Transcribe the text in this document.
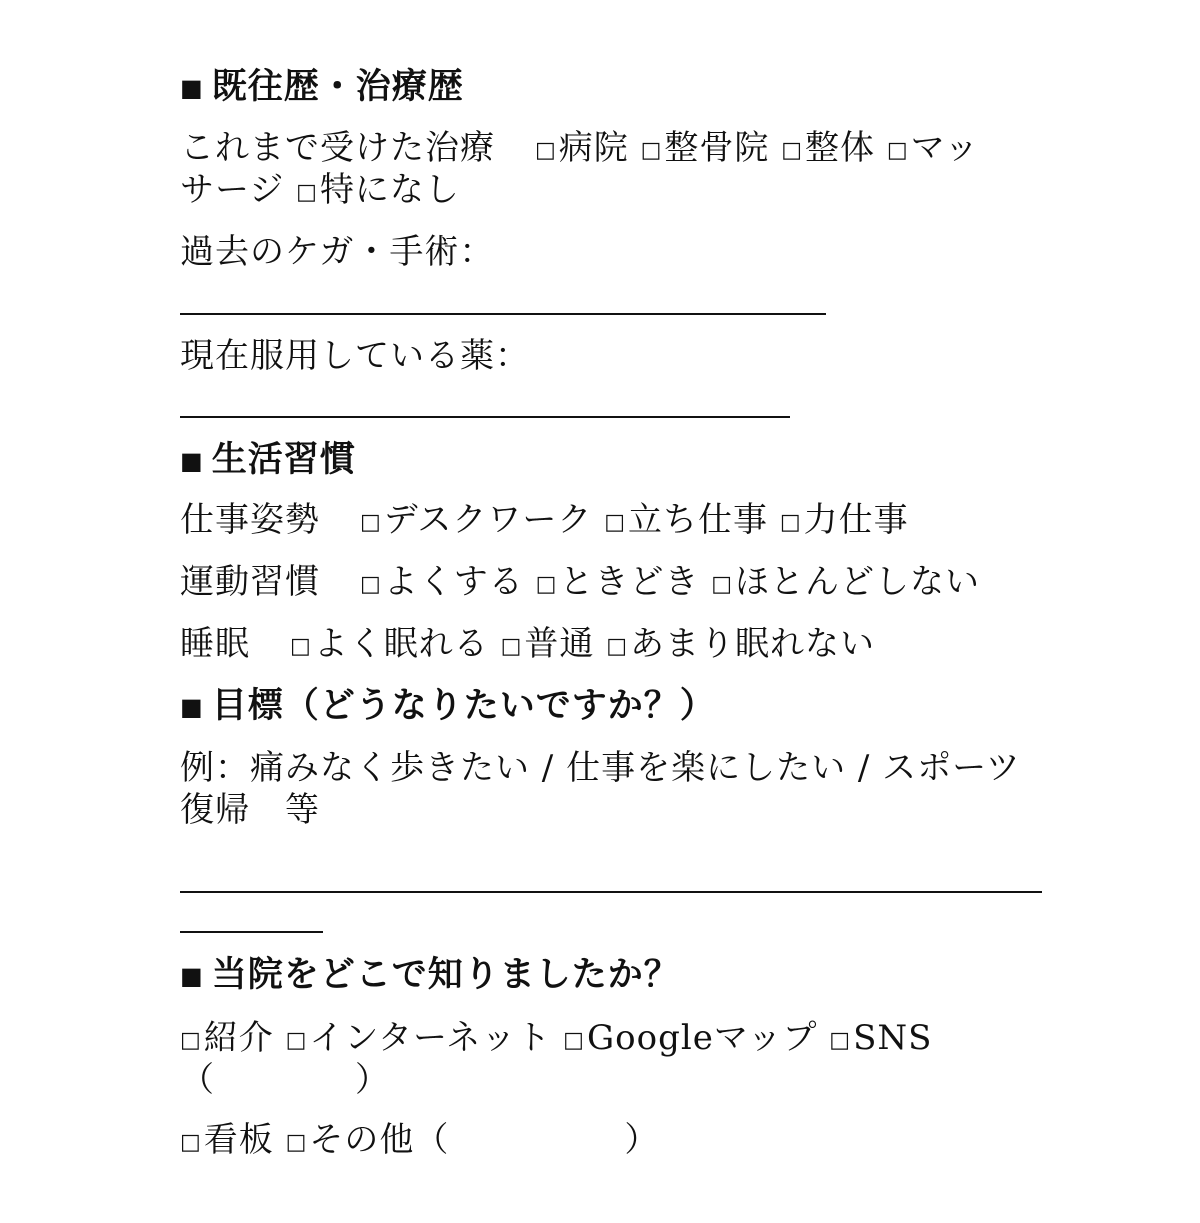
■ 既往歴・治療歴
これまで受けた治療 □病院 □整骨院 □整体 □マッ
サージ □特になし
過去のケガ・手術：
現在服用している薬：
■ 生活習慣
仕事姿勢 □デスクワーク □立ち仕事 □力仕事
運動習慣 □よくする □ときどき □ほとんどしない
睡眠 □よく眠れる □普通 □あまり眠れない
■ 目標（どうなりたいですか？）
例：痛みなく歩きたい / 仕事を楽にしたい / スポーツ
復帰　等
■ 当院をどこで知りましたか？
□紹介 □インターネット □Googleマップ □SNS
（　　　　）
□看板 □その他（　　　　　）
